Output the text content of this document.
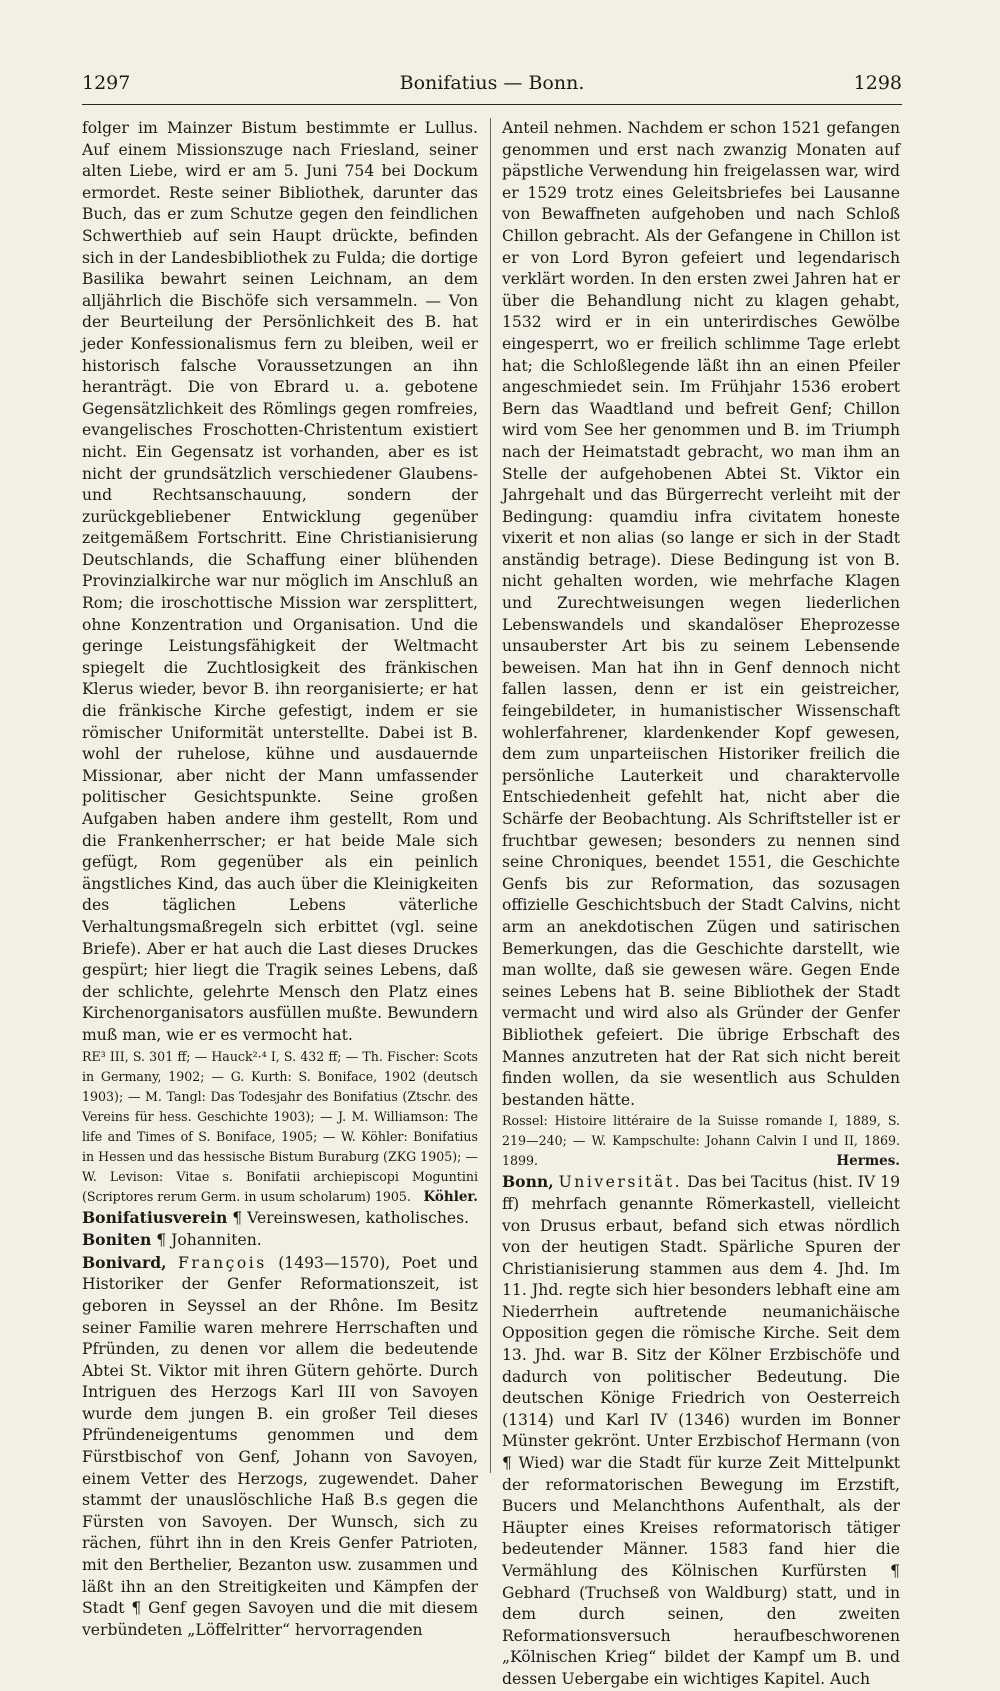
1297	Bonifatius — Bonn.	1298

folger im Mainzer Bistum bestimmte er Lullus. Auf einem Missionszuge nach Friesland, seiner alten Liebe, wird er am 5. Juni 754 bei Dockum ermordet. Reste seiner Bibliothek, darunter das Buch, das er zum Schutze gegen den feindlichen Schwerthieb auf sein Haupt drückte, befinden sich in der Landesbibliothek zu Fulda; die dortige Basilika bewahrt seinen Leichnam, an dem alljährlich die Bischöfe sich versammeln. — Von der Beurteilung der Persönlichkeit des B. hat jeder Konfessionalismus fern zu bleiben, weil er historisch falsche Voraussetzungen an ihn heranträgt. Die von Ebrard u. a. gebotene Gegensätzlichkeit des Römlings gegen romfreies, evangelisches Froschotten-Christentum existiert nicht. Ein Gegensatz ist vorhanden, aber es ist nicht der grundsätzlich verschiedener Glaubens- und Rechtsanschauung, sondern der zurückgebliebener Entwicklung gegenüber zeitgemäßem Fortschritt. Eine Christianisierung Deutschlands, die Schaffung einer blühenden Provinzialkirche war nur möglich im Anschluß an Rom; die iroschottische Mission war zersplittert, ohne Konzentration und Organisation. Und die geringe Leistungsfähigkeit der Weltmacht spiegelt die Zuchtlosigkeit des fränkischen Klerus wieder, bevor B. ihn reorganisierte; er hat die fränkische Kirche gefestigt, indem er sie römischer Uniformität unterstellte. Dabei ist B. wohl der ruhelose, kühne und ausdauernde Missionar, aber nicht der Mann umfassender politischer Gesichtspunkte. Seine großen Aufgaben haben andere ihm gestellt, Rom und die Frankenherrscher; er hat beide Male sich gefügt, Rom gegenüber als ein peinlich ängstliches Kind, das auch über die Kleinigkeiten des täglichen Lebens väterliche Verhaltungsmaßregeln sich erbittet (vgl. seine Briefe). Aber er hat auch die Last dieses Druckes gespürt; hier liegt die Tragik seines Lebens, daß der schlichte, gelehrte Mensch den Platz eines Kirchenorganisators ausfüllen mußte. Bewundern muß man, wie er es vermocht hat.

RE³ III, S. 301 ff; — Hauck²·⁴ I, S. 432 ff; — Th. Fischer: Scots in Germany, 1902; — G. Kurth: S. Boniface, 1902 (deutsch 1903); — M. Tangl: Das Todesjahr des Bonifatius (Ztschr. des Vereins für hess. Geschichte 1903); — J. M. Williamson: The life and Times of S. Boniface, 1905; — W. Köhler: Bonifatius in Hessen und das hessische Bistum Buraburg (ZKG 1905); — W. Levison: Vitae s. Bonifatii archiepiscopi Moguntini (Scriptores rerum Germ. in usum scholarum) 1905. Köhler.

Bonifatiusverein ¶ Vereinswesen, katholisches.

Boniten ¶ Johanniten.

Bonivard, François (1493—1570), Poet und Historiker der Genfer Reformationszeit, ist geboren in Seyssel an der Rhône. Im Besitz seiner Familie waren mehrere Herrschaften und Pfründen, zu denen vor allem die bedeutende Abtei St. Viktor mit ihren Gütern gehörte. Durch Intriguen des Herzogs Karl III von Savoyen wurde dem jungen B. ein großer Teil dieses Pfründeneigentums genommen und dem Fürstbischof von Genf, Johann von Savoyen, einem Vetter des Herzogs, zugewendet. Daher stammt der unauslöschliche Haß B.s gegen die Fürsten von Savoyen. Der Wunsch, sich zu rächen, führt ihn in den Kreis Genfer Patrioten, mit den Berthelier, Bezanton usw. zusammen und läßt ihn an den Streitigkeiten und Kämpfen der Stadt ¶ Genf gegen Savoyen und die mit diesem verbündeten „Löffelritter“ hervorragenden

Anteil nehmen. Nachdem er schon 1521 gefangen genommen und erst nach zwanzig Monaten auf päpstliche Verwendung hin freigelassen war, wird er 1529 trotz eines Geleitsbriefes bei Lausanne von Bewaffneten aufgehoben und nach Schloß Chillon gebracht. Als der Gefangene in Chillon ist er von Lord Byron gefeiert und legendarisch verklärt worden. In den ersten zwei Jahren hat er über die Behandlung nicht zu klagen gehabt, 1532 wird er in ein unterirdisches Gewölbe eingesperrt, wo er freilich schlimme Tage erlebt hat; die Schloßlegende läßt ihn an einen Pfeiler angeschmiedet sein. Im Frühjahr 1536 erobert Bern das Waadtland und befreit Genf; Chillon wird vom See her genommen und B. im Triumph nach der Heimatstadt gebracht, wo man ihm an Stelle der aufgehobenen Abtei St. Viktor ein Jahrgehalt und das Bürgerrecht verleiht mit der Bedingung: quamdiu infra civitatem honeste vixerit et non alias (so lange er sich in der Stadt anständig betrage). Diese Bedingung ist von B. nicht gehalten worden, wie mehrfache Klagen und Zurechtweisungen wegen liederlichen Lebenswandels und skandalöser Eheprozesse unsauberster Art bis zu seinem Lebensende beweisen. Man hat ihn in Genf dennoch nicht fallen lassen, denn er ist ein geistreicher, feingebildeter, in humanistischer Wissenschaft wohlerfahrener, klardenkender Kopf gewesen, dem zum unparteiischen Historiker freilich die persönliche Lauterkeit und charaktervolle Entschiedenheit gefehlt hat, nicht aber die Schärfe der Beobachtung. Als Schriftsteller ist er fruchtbar gewesen; besonders zu nennen sind seine Chroniques, beendet 1551, die Geschichte Genfs bis zur Reformation, das sozusagen offizielle Geschichtsbuch der Stadt Calvins, nicht arm an anekdotischen Zügen und satirischen Bemerkungen, das die Geschichte darstellt, wie man wollte, daß sie gewesen wäre. Gegen Ende seines Lebens hat B. seine Bibliothek der Stadt vermacht und wird also als Gründer der Genfer Bibliothek gefeiert. Die übrige Erbschaft des Mannes anzutreten hat der Rat sich nicht bereit finden wollen, da sie wesentlich aus Schulden bestanden hätte.

Rossel: Histoire littéraire de la Suisse romande I, 1889, S. 219—240; — W. Kampschulte: Johann Calvin I und II, 1869. 1899.	Hermes.

Bonn, Universität. Das bei Tacitus (hist. IV 19 ff) mehrfach genannte Römerkastell, vielleicht von Drusus erbaut, befand sich etwas nördlich von der heutigen Stadt. Spärliche Spuren der Christianisierung stammen aus dem 4. Jhd. Im 11. Jhd. regte sich hier besonders lebhaft eine am Niederrhein auftretende neumanichäische Opposition gegen die römische Kirche. Seit dem 13. Jhd. war B. Sitz der Kölner Erzbischöfe und dadurch von politischer Bedeutung. Die deutschen Könige Friedrich von Oesterreich (1314) und Karl IV (1346) wurden im Bonner Münster gekrönt. Unter Erzbischof Hermann (von ¶ Wied) war die Stadt für kurze Zeit Mittelpunkt der reformatorischen Bewegung im Erzstift, Bucers und Melanchthons Aufenthalt, als der Häupter eines Kreises reformatorisch tätiger bedeutender Männer. 1583 fand hier die Vermählung des Kölnischen Kurfürsten ¶ Gebhard (Truchseß von Waldburg) statt, und in dem durch seinen, den zweiten Reformationsversuch heraufbeschworenen „Kölnischen Krieg“ bildet der Kampf um B. und dessen Uebergabe ein wichtiges Kapitel. Auch
